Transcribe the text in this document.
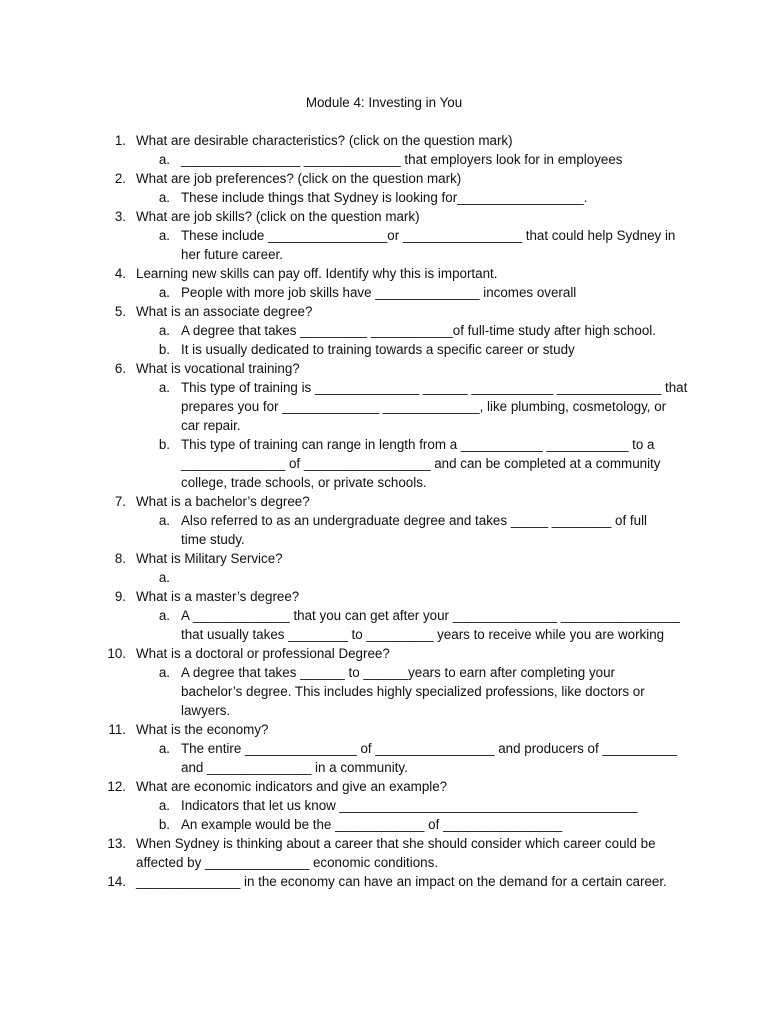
Module 4: Investing in You
1. What are desirable characteristics? (click on the question mark)
a. ________________ _____________ that employers look for in employees
2. What are job preferences? (click on the question mark)
a. These include things that Sydney is looking for_________________.
3. What are job skills? (click on the question mark)
a. These include ________________or ________________ that could help Sydney in
her future career.
4. Learning new skills can pay off. Identify why this is important.
a. People with more job skills have ______________ incomes overall
5. What is an associate degree?
a. A degree that takes _________ ___________of full-time study after high school.
b. It is usually dedicated to training towards a specific career or study
6. What is vocational training?
a. This type of training is ______________ ______ ___________ ______________ that
prepares you for _____________ _____________, like plumbing, cosmetology, or
car repair.
b. This type of training can range in length from a ___________ ___________ to a
______________ of _________________ and can be completed at a community
college, trade schools, or private schools.
7. What is a bachelor’s degree?
a. Also referred to as an undergraduate degree and takes _____ ________ of full
time study.
8. What is Military Service?
a.
9. What is a master’s degree?
a. A _____________ that you can get after your ______________ ________________
that usually takes ________ to _________ years to receive while you are working
10. What is a doctoral or professional Degree?
a. A degree that takes ______ to ______years to earn after completing your
bachelor’s degree. This includes highly specialized professions, like doctors or
lawyers.
11. What is the economy?
a. The entire _______________ of ________________ and producers of __________
and ______________ in a community.
12. What are economic indicators and give an example?
a. Indicators that let us know ________________________________________
b. An example would be the ____________ of ________________
13. When Sydney is thinking about a career that she should consider which career could be
affected by ______________ economic conditions.
14. ______________ in the economy can have an impact on the demand for a certain career.
